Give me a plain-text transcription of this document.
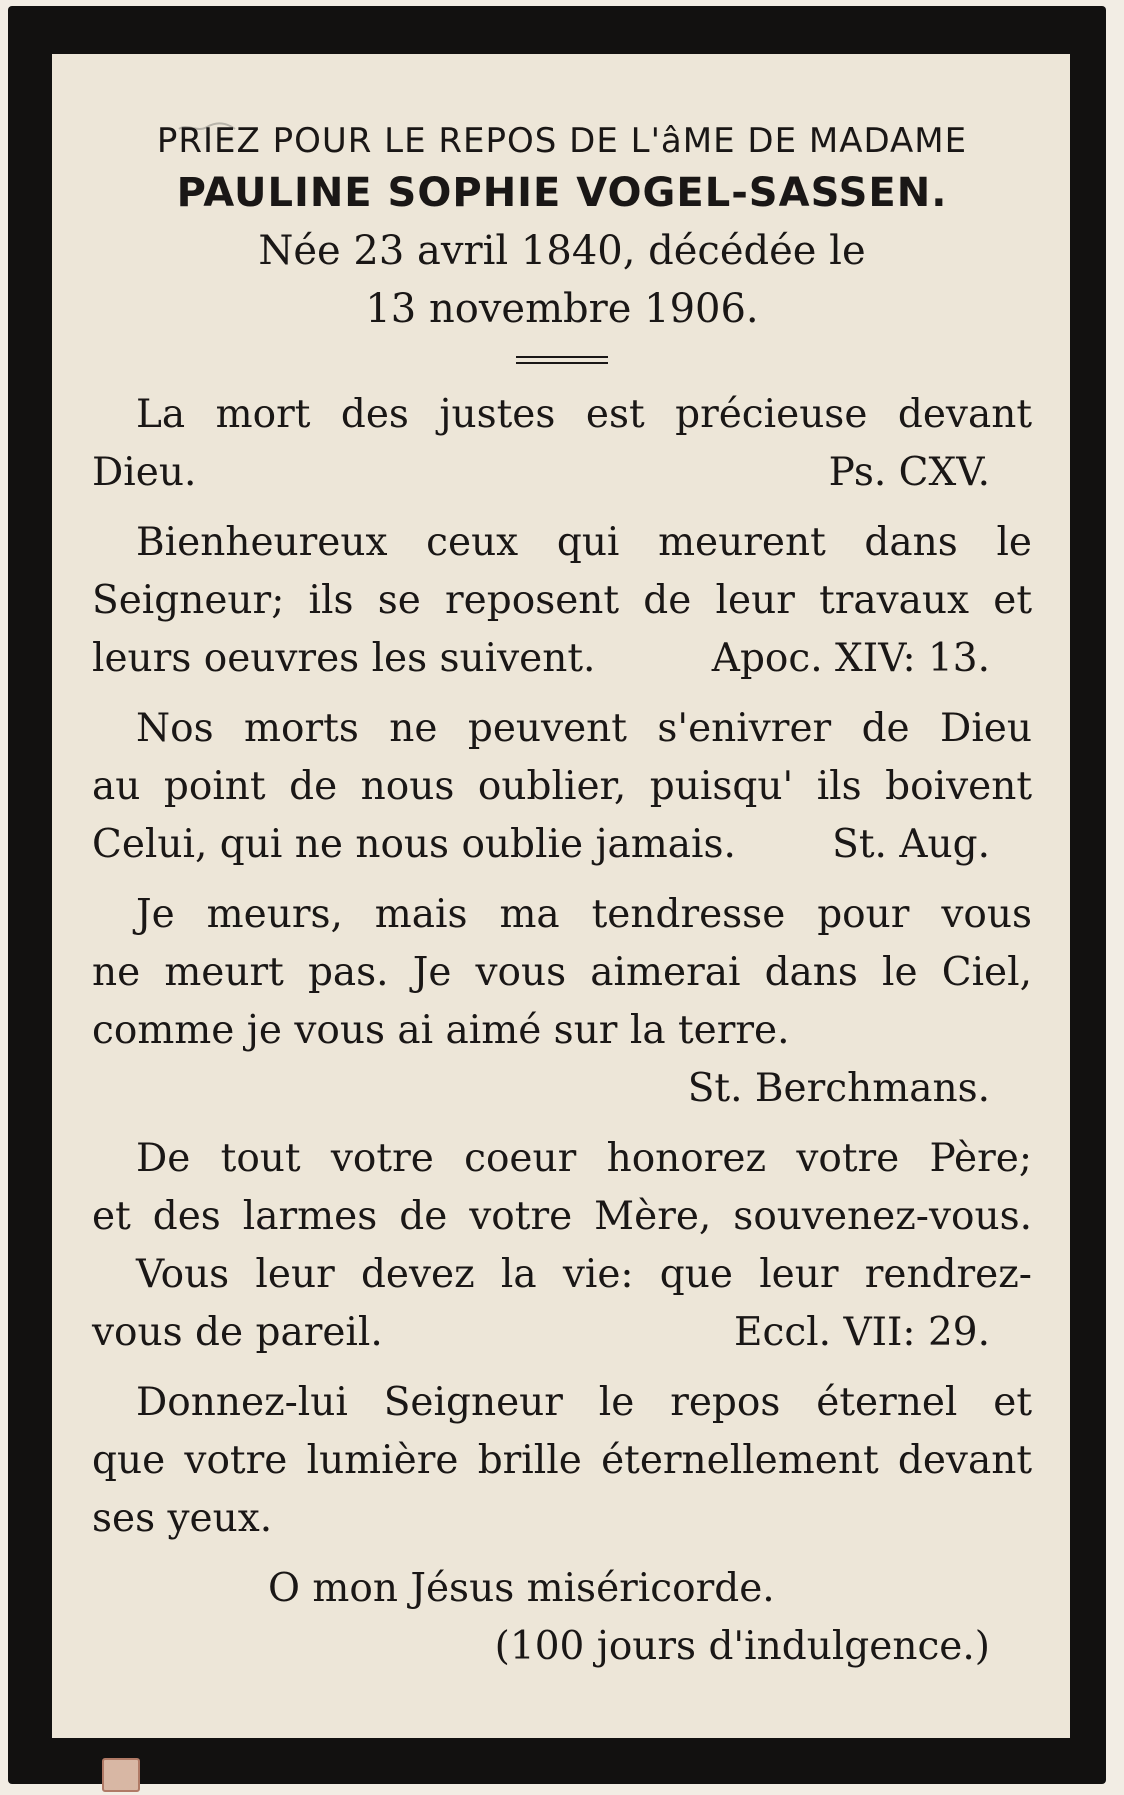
PRIEZ POUR LE REPOS DE L'âME DE MADAME

PAULINE SOPHIE VOGEL-SASSEN.

Née 23 avril 1840, décédée le
13 novembre 1906.

La mort des justes est précieuse devant
Dieu.	Ps. CXV.
Bienheureux ceux qui meurent dans le
Seigneur; ils se reposent de leur travaux et
leurs oeuvres les suivent.	Apoc. XIV: 13.
Nos morts ne peuvent s'enivrer de Dieu
au point de nous oublier, puisqu' ils boivent
Celui, qui ne nous oublie jamais. St. Aug.
Je meurs, mais ma tendresse pour vous
ne meurt pas. Je vous aimerai dans le Ciel,
comme je vous ai aimé sur la terre.
St. Berchmans.
De tout votre coeur honorez votre Père;
et des larmes de votre Mère, souvenez-vous.
Vous leur devez la vie: que leur rendrez-
vous de pareil.	Eccl. VII: 29.
Donnez-lui Seigneur le repos éternel et
que votre lumière brille éternellement devant
ses yeux.
O mon Jésus miséricorde.
(100 jours d'indulgence.)
